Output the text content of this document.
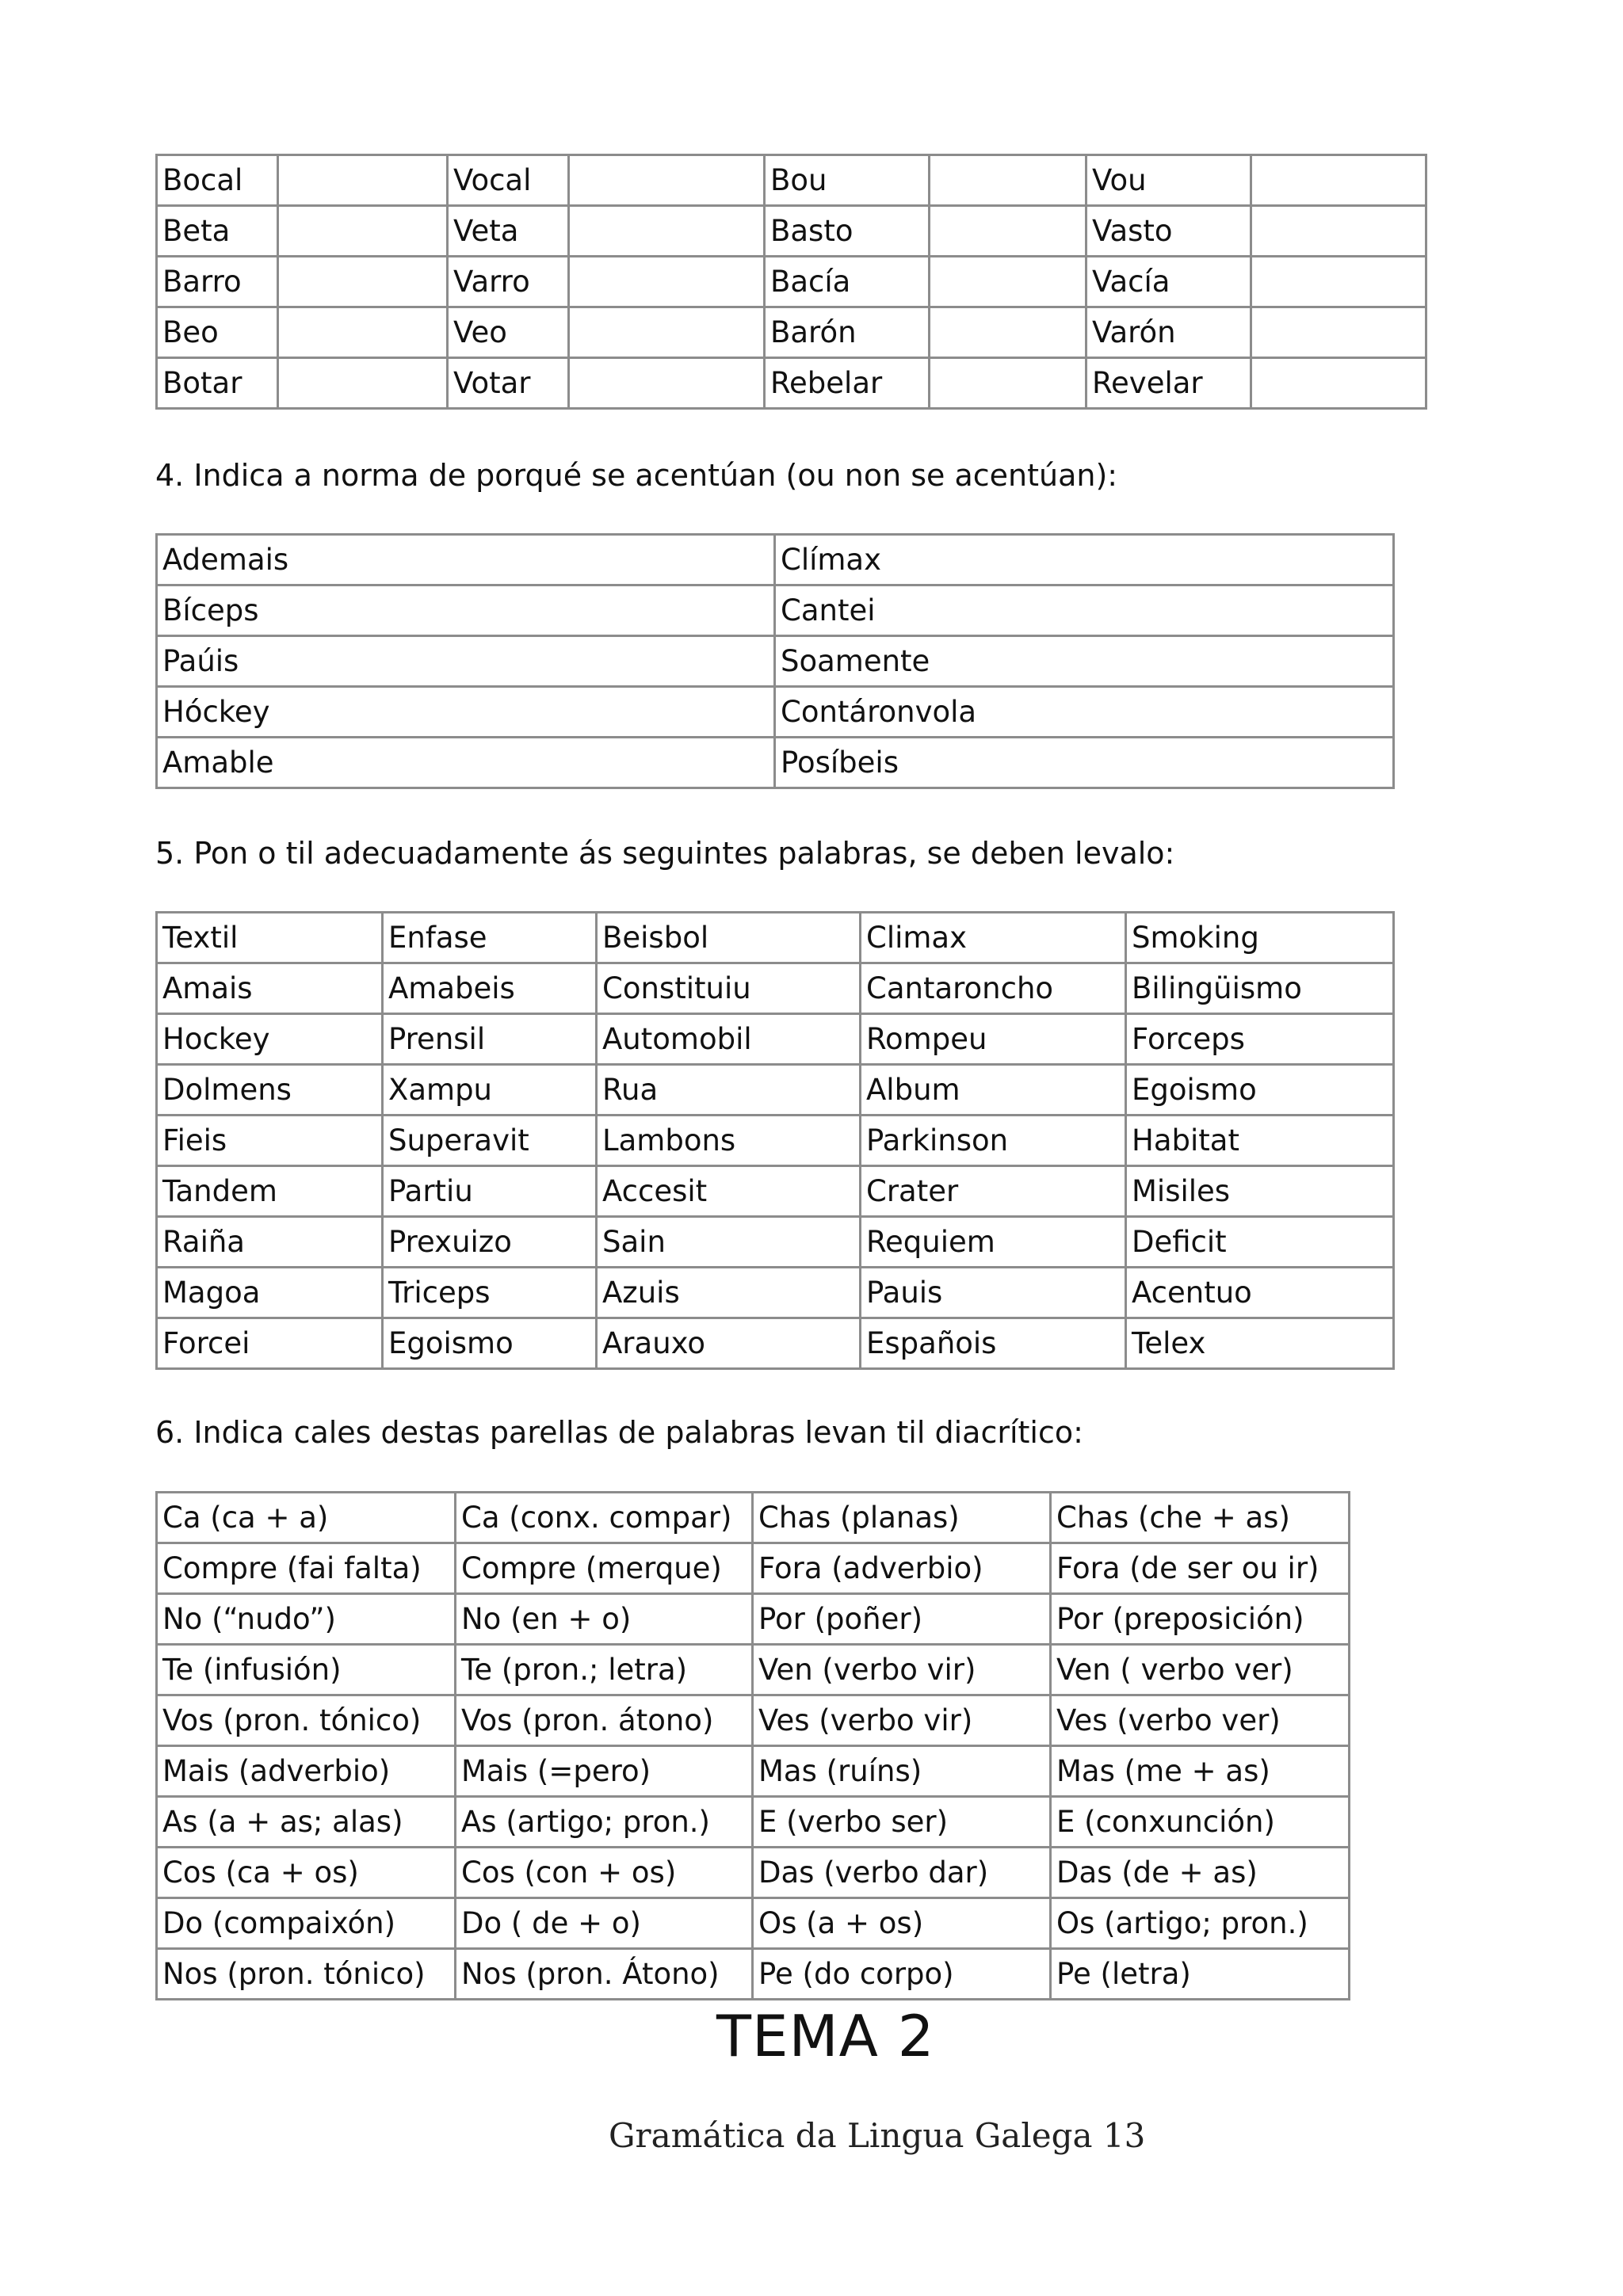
Bocal		Vocal		Bou		Vou	
Beta		Veta		Basto		Vasto	
Barro		Varro		Bacía		Vacía	
Beo		Veo		Barón		Varón	
Botar		Votar		Rebelar		Revelar	
4. Indica a norma de porqué se acentúan (ou non se acentúan):
Ademais	Clímax
Bíceps	Cantei
Paúis	Soamente
Hóckey	Contáronvola
Amable	Posíbeis
5. Pon o til adecuadamente ás seguintes palabras, se deben levalo:
Textil	Enfase	Beisbol	Climax	Smoking
Amais	Amabeis	Constituiu	Cantaroncho	Bilingüismo
Hockey	Prensil	Automobil	Rompeu	Forceps
Dolmens	Xampu	Rua	Album	Egoismo
Fieis	Superavit	Lambons	Parkinson	Habitat
Tandem	Partiu	Accesit	Crater	Misiles
Raiña	Prexuizo	Sain	Requiem	Deficit
Magoa	Triceps	Azuis	Pauis	Acentuo
Forcei	Egoismo	Arauxo	Españois	Telex
6. Indica cales destas parellas de palabras levan til diacrítico:
Ca (ca + a)	Ca (conx. compar)	Chas (planas)	Chas (che + as)
Compre (fai falta)	Compre (merque)	Fora (adverbio)	Fora (de ser ou ir)
No (“nudo”)	No (en + o)	Por (poñer)	Por (preposición)
Te (infusión)	Te (pron.; letra)	Ven (verbo vir)	Ven ( verbo ver)
Vos (pron. tónico)	Vos (pron. átono)	Ves (verbo vir)	Ves (verbo ver)
Mais (adverbio)	Mais (=pero)	Mas (ruíns)	Mas (me + as)
As (a + as; alas)	As (artigo; pron.)	E (verbo ser)	E (conxunción)
Cos (ca + os)	Cos (con + os)	Das (verbo dar)	Das (de + as)
Do (compaixón)	Do ( de + o)	Os (a + os)	Os (artigo; pron.)
Nos (pron. tónico)	Nos (pron. Átono)	Pe (do corpo)	Pe (letra)
TEMA 2
Gramática da Lingua Galega 13
